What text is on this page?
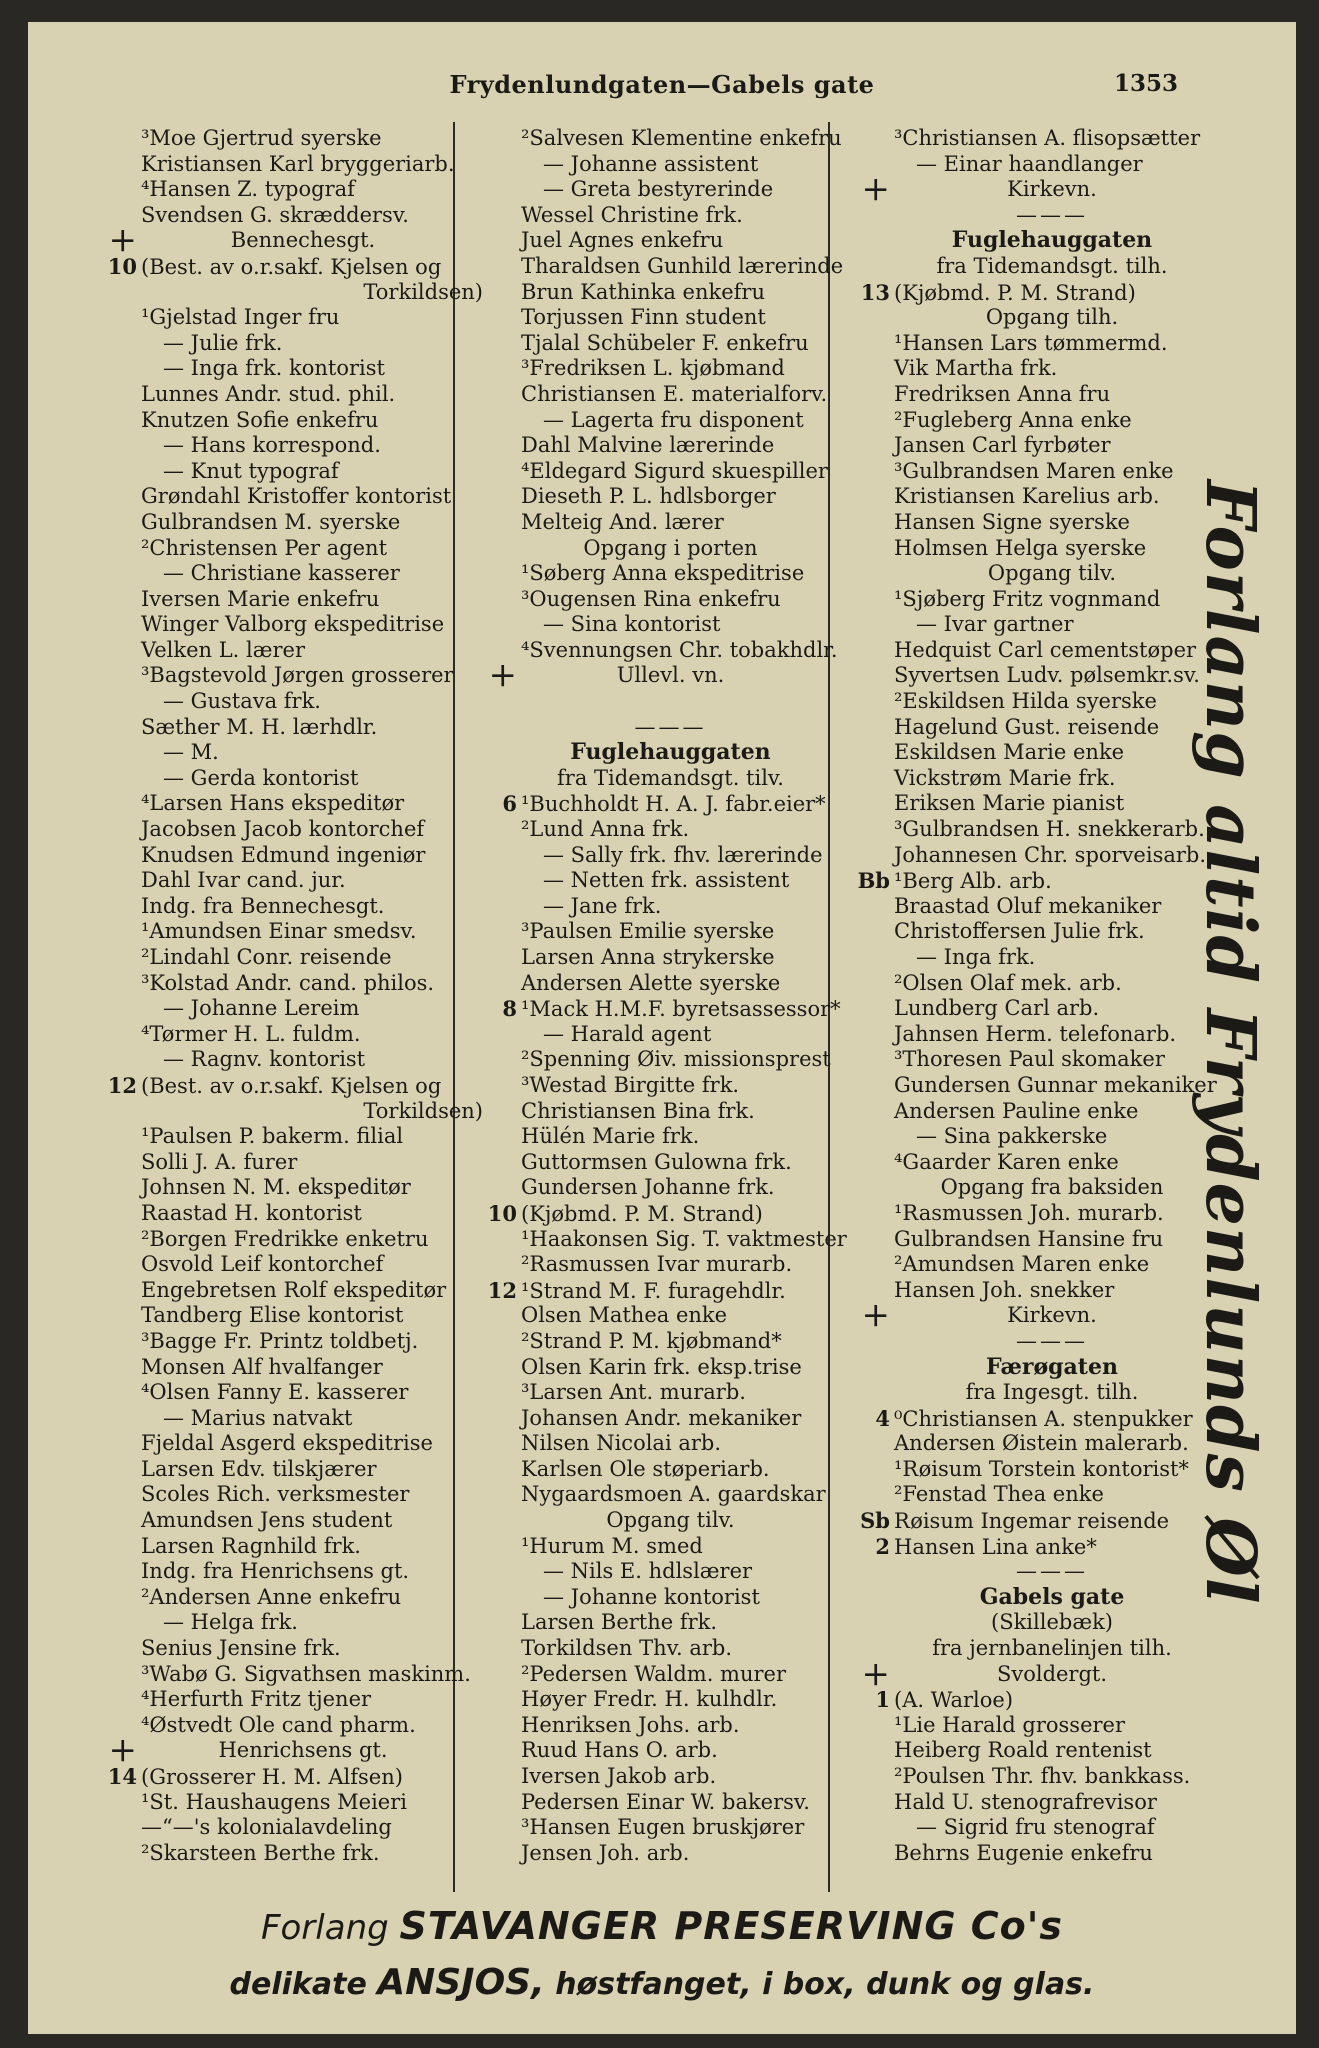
Frydenlundgaten—Gabels gate	1353
³Moe Gjertrud syerske
Kristiansen Karl bryggeriarb.
⁴Hansen Z. typograf
Svendsen G. skræddersv.
+	Bennechesgt.
10 (Best. av o.r.sakf. Kjelsen og
Torkildsen)
¹Gjelstad Inger fru
— Julie frk.
— Inga frk. kontorist
Lunnes Andr. stud. phil.
Knutzen Sofie enkefru
— Hans korrespond.
— Knut typograf
Grøndahl Kristoffer kontorist
Gulbrandsen M. syerske
²Christensen Per agent
— Christiane kasserer
Iversen Marie enkefru
Winger Valborg ekspeditrise
Velken L. lærer
³Bagstevold Jørgen grosserer
— Gustava frk.
Sæther M. H. lærhdlr.
— M.
— Gerda kontorist
⁴Larsen Hans ekspeditør
Jacobsen Jacob kontorchef
Knudsen Edmund ingeniør
Dahl Ivar cand. jur.
Indg. fra Bennechesgt.
¹Amundsen Einar smedsv.
²Lindahl Conr. reisende
³Kolstad Andr. cand. philos.
— Johanne Lereim
⁴Tørmer H. L. fuldm.
— Ragnv. kontorist
12 (Best. av o.r.sakf. Kjelsen og
Torkildsen)
¹Paulsen P. bakerm. filial
Solli J. A. furer
Johnsen N. M. ekspeditør
Raastad H. kontorist
²Borgen Fredrikke enketru
Osvold Leif kontorchef
Engebretsen Rolf ekspeditør
Tandberg Elise kontorist
³Bagge Fr. Printz toldbetj.
Monsen Alf hvalfanger
⁴Olsen Fanny E. kasserer
— Marius natvakt
Fjeldal Asgerd ekspeditrise
Larsen Edv. tilskjærer
Scoles Rich. verksmester
Amundsen Jens student
Larsen Ragnhild frk.
Indg. fra Henrichsens gt.
²Andersen Anne enkefru
— Helga frk.
Senius Jensine frk.
³Wabø G. Sigvathsen maskinm.
⁴Herfurth Fritz tjener
⁴Østvedt Ole cand pharm.
+	Henrichsens gt.
14 (Grosserer H. M. Alfsen)
¹St. Haushaugens Meieri
—“—'s kolonialavdeling
²Skarsteen Berthe frk.
²Salvesen Klementine enkefru
— Johanne assistent
— Greta bestyrerinde
Wessel Christine frk.
Juel Agnes enkefru
Tharaldsen Gunhild lærerinde
Brun Kathinka enkefru
Torjussen Finn student
Tjalal Schübeler F. enkefru
³Fredriksen L. kjøbmand
Christiansen E. materialforv.
— Lagerta fru disponent
Dahl Malvine lærerinde
⁴Eldegard Sigurd skuespiller
Dieseth P. L. hdlsborger
Melteig And. lærer
Opgang i porten
¹Søberg Anna ekspeditrise
³Ougensen Rina enkefru
— Sina kontorist
⁴Svennungsen Chr. tobakhdlr.
+	Ullevl. vn.
———
Fuglehauggaten
fra Tidemandsgt. tilv.
6 ¹Buchholdt H. A. J. fabr.eier*
²Lund Anna frk.
— Sally frk. fhv. lærerinde
— Netten frk. assistent
— Jane frk.
³Paulsen Emilie syerske
Larsen Anna strykerske
Andersen Alette syerske
8 ¹Mack H.M.F. byretsassessor*
— Harald agent
²Spenning Øiv. missionsprest
³Westad Birgitte frk.
Christiansen Bina frk.
Hülén Marie frk.
Guttormsen Gulowna frk.
Gundersen Johanne frk.
10 (Kjøbmd. P. M. Strand)
¹Haakonsen Sig. T. vaktmester
²Rasmussen Ivar murarb.
12 ¹Strand M. F. furagehdlr.
Olsen Mathea enke
²Strand P. M. kjøbmand*
Olsen Karin frk. eksp.trise
³Larsen Ant. murarb.
Johansen Andr. mekaniker
Nilsen Nicolai arb.
Karlsen Ole støperiarb.
Nygaardsmoen A. gaardskar
Opgang tilv.
¹Hurum M. smed
— Nils E. hdlslærer
— Johanne kontorist
Larsen Berthe frk.
Torkildsen Thv. arb.
²Pedersen Waldm. murer
Høyer Fredr. H. kulhdlr.
Henriksen Johs. arb.
Ruud Hans O. arb.
Iversen Jakob arb.
Pedersen Einar W. bakersv.
³Hansen Eugen bruskjører
Jensen Joh. arb.
³Christiansen A. flisopsætter
— Einar haandlanger
+	Kirkevn.
———
Fuglehauggaten
fra Tidemandsgt. tilh.
13 (Kjøbmd. P. M. Strand)
Opgang tilh.
¹Hansen Lars tømmermd.
Vik Martha frk.
Fredriksen Anna fru
²Fugleberg Anna enke
Jansen Carl fyrbøter
³Gulbrandsen Maren enke
Kristiansen Karelius arb.
Hansen Signe syerske
Holmsen Helga syerske
Opgang tilv.
¹Sjøberg Fritz vognmand
— Ivar gartner
Hedquist Carl cementstøper
Syvertsen Ludv. pølsemkr.sv.
²Eskildsen Hilda syerske
Hagelund Gust. reisende
Eskildsen Marie enke
Vickstrøm Marie frk.
Eriksen Marie pianist
³Gulbrandsen H. snekkerarb.
Johannesen Chr. sporveisarb.
Bb ¹Berg Alb. arb.
Braastad Oluf mekaniker
Christoffersen Julie frk.
— Inga frk.
²Olsen Olaf mek. arb.
Lundberg Carl arb.
Jahnsen Herm. telefonarb.
³Thoresen Paul skomaker
Gundersen Gunnar mekaniker
Andersen Pauline enke
— Sina pakkerske
⁴Gaarder Karen enke
Opgang fra baksiden
¹Rasmussen Joh. murarb.
Gulbrandsen Hansine fru
²Amundsen Maren enke
Hansen Joh. snekker
+	Kirkevn.
———
Færøgaten
fra Ingesgt. tilh.
4 ⁰Christiansen A. stenpukker
Andersen Øistein malerarb.
¹Røisum Torstein kontorist*
²Fenstad Thea enke
Sb Røisum Ingemar reisende
2 Hansen Lina anke*
———
Gabels gate
(Skillebæk)
fra jernbanelinjen tilh.
+	Svoldergt.
1 (A. Warloe)
¹Lie Harald grosserer
Heiberg Roald rentenist
²Poulsen Thr. fhv. bankkass.
Hald U. stenografrevisor
— Sigrid fru stenograf
Behrns Eugenie enkefru
Forlang altid Frydenlunds Øl
Forlang STAVANGER PRESERVING Co's
delikate ANSJOS, høstfanget, i box, dunk og glas.
